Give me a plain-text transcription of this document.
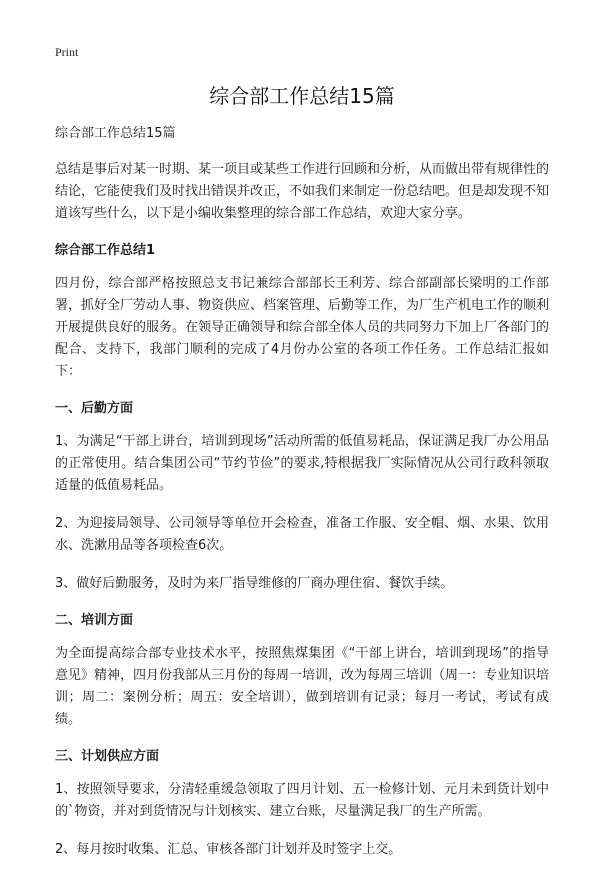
Print
综合部工作总结15篇
综合部工作总结15篇

总结是事后对某一时期、某一项目或某些工作进行回顾和分析，从而做出带有规律性的结论，它能使我们及时找出错误并改正，不如我们来制定一份总结吧。但是却发现不知道该写些什么，以下是小编收集整理的综合部工作总结，欢迎大家分享。

综合部工作总结1

四月份，综合部严格按照总支书记兼综合部部长王利芳、综合部副部长梁明的工作部署，抓好全厂劳动人事、物资供应、档案管理、后勤等工作，为厂生产机电工作的顺利开展提供良好的服务。在领导正确领导和综合部全体人员的共同努力下加上厂各部门的配合、支持下，我部门顺利的完成了4月份办公室的各项工作任务。工作总结汇报如下：

一、后勤方面

1、为满足“干部上讲台，培训到现场”活动所需的低值易耗品，保证满足我厂办公用品的正常使用。结合集团公司“节约节俭”的要求,特根据我厂实际情况从公司行政科领取适量的低值易耗品。

2、为迎接局领导、公司领导等单位开会检查，准备工作服、安全帽、烟、水果、饮用水、洗漱用品等各项检查6次。

3、做好后勤服务，及时为来厂指导维修的厂商办理住宿、餐饮手续。

二、培训方面

为全面提高综合部专业技术水平，按照焦煤集团《“干部上讲台，培训到现场”的指导意见》精神，四月份我部从三月份的每周一培训，改为每周三培训（周一：专业知识培训；周二：案例分析；周五：安全培训），做到培训有记录；每月一考试，考试有成绩。

三、计划供应方面

1、按照领导要求，分清轻重缓急领取了四月计划、五一检修计划、元月未到货计划中的`物资，并对到货情况与计划核实、建立台账，尽量满足我厂的生产所需。

2、每月按时收集、汇总、审核各部门计划并及时签字上交。
